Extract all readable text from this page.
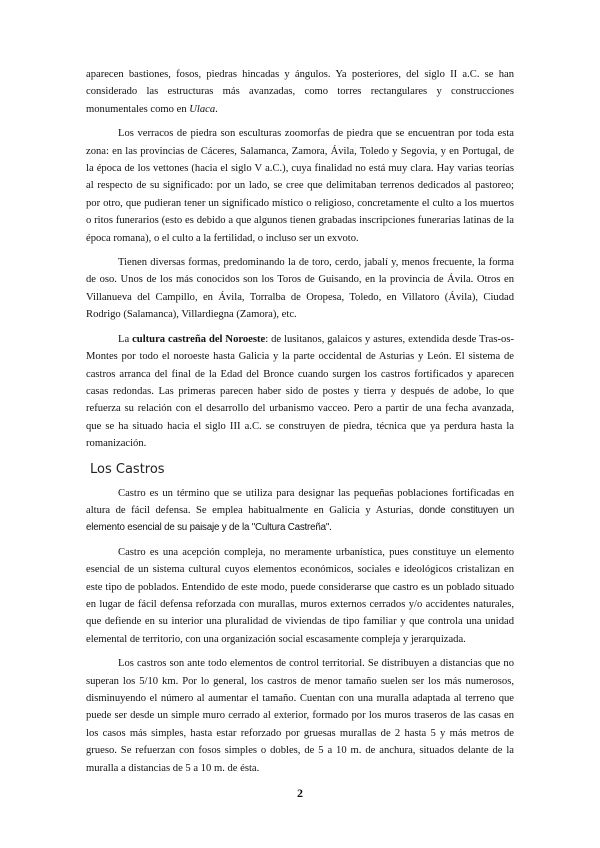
aparecen bastiones, fosos, piedras hincadas y ángulos. Ya posteriores, del siglo II a.C. se han considerado las estructuras más avanzadas, como torres rectangulares y construcciones monumentales como en Ulaca.

Los verracos de piedra son esculturas zoomorfas de piedra que se encuentran por toda esta zona: en las provincias de Cáceres, Salamanca, Zamora, Ávila, Toledo y Segovia, y en Portugal, de la época de los vettones (hacia el siglo V a.C.), cuya finalidad no está muy clara. Hay varias teorías al respecto de su significado: por un lado, se cree que delimitaban terrenos dedicados al pastoreo; por otro, que pudieran tener un significado místico o religioso, concretamente el culto a los muertos o ritos funerarios (esto es debido a que algunos tienen grabadas inscripciones funerarias latinas de la época romana), o el culto a la fertilidad, o incluso ser un exvoto.

Tienen diversas formas, predominando la de toro, cerdo, jabalí y, menos frecuente, la forma de oso. Unos de los más conocidos son los Toros de Guisando, en la provincia de Ávila. Otros en Villanueva del Campillo, en Ávila, Torralba de Oropesa, Toledo, en Villatoro (Ávila), Ciudad Rodrigo (Salamanca), Villardiegna (Zamora), etc.

La cultura castreña del Noroeste: de lusitanos, galaicos y astures, extendida desde Tras-os-Montes por todo el noroeste hasta Galicia y la parte occidental de Asturias y León. El sistema de castros arranca del final de la Edad del Bronce cuando surgen los castros fortificados y aparecen casas redondas. Las primeras parecen haber sido de postes y tierra y después de adobe, lo que refuerza su relación con el desarrollo del urbanismo vacceo. Pero a partir de una fecha avanzada, que se ha situado hacia el siglo III a.C. se construyen de piedra, técnica que ya perdura hasta la romanización.

Los Castros

Castro es un término que se utiliza para designar las pequeñas poblaciones fortificadas en altura de fácil defensa. Se emplea habitualmente en Galicia y Asturias, donde constituyen un elemento esencial de su paisaje y de la "Cultura Castreña".

Castro es una acepción compleja, no meramente urbanística, pues constituye un elemento esencial de un sistema cultural cuyos elementos económicos, sociales e ideológicos cristalizan en este tipo de poblados. Entendido de este modo, puede considerarse que castro es un poblado situado en lugar de fácil defensa reforzada con murallas, muros externos cerrados y/o accidentes naturales, que defiende en su interior una pluralidad de viviendas de tipo familiar y que controla una unidad elemental de territorio, con una organización social escasamente compleja y jerarquizada.

Los castros son ante todo elementos de control territorial. Se distribuyen a distancias que no superan los 5/10 km. Por lo general, los castros de menor tamaño suelen ser los más numerosos, disminuyendo el número al aumentar el tamaño. Cuentan con una muralla adaptada al terreno que puede ser desde un simple muro cerrado al exterior, formado por los muros traseros de las casas en los casos más simples, hasta estar reforzado por gruesas murallas de 2 hasta 5 y más metros de grueso. Se refuerzan con fosos simples o dobles, de 5 a 10 m. de anchura, situados delante de la muralla a distancias de 5 a 10 m. de ésta.

2
